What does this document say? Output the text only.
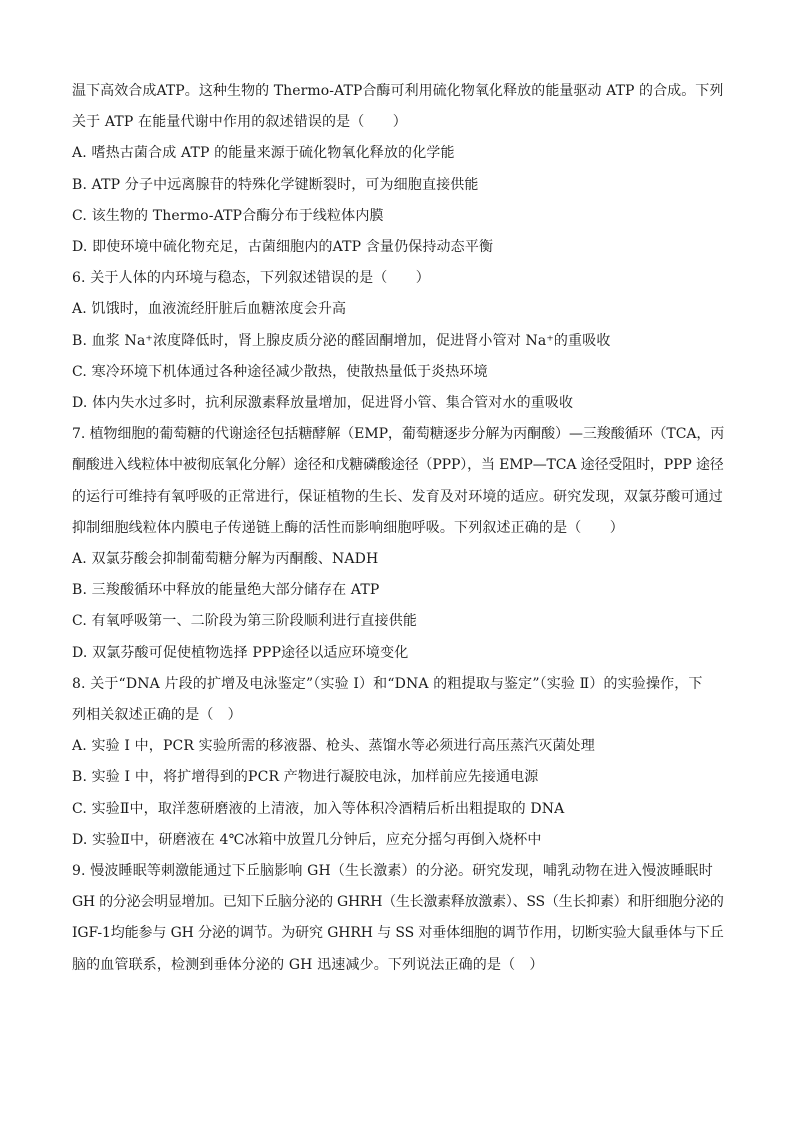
温下高效合成ATP。这种生物的 Thermo-ATP合酶可利用硫化物氧化释放的能量驱动 ATP 的合成。下列
关于 ATP 在能量代谢中作用的叙述错误的是（　　）
A. 嗜热古菌合成 ATP 的能量来源于硫化物氧化释放的化学能
B. ATP 分子中远离腺苷的特殊化学键断裂时，可为细胞直接供能
C. 该生物的 Thermo-ATP合酶分布于线粒体内膜
D. 即使环境中硫化物充足，古菌细胞内的ATP 含量仍保持动态平衡
6. 关于人体的内环境与稳态，下列叙述错误的是（　　）
A. 饥饿时，血液流经肝脏后血糖浓度会升高
B. 血浆 Na⁺浓度降低时，肾上腺皮质分泌的醛固酮增加，促进肾小管对 Na⁺的重吸收
C. 寒冷环境下机体通过各种途径减少散热，使散热量低于炎热环境
D. 体内失水过多时，抗利尿激素释放量增加，促进肾小管、集合管对水的重吸收
7. 植物细胞的葡萄糖的代谢途径包括糖酵解（EMP，葡萄糖逐步分解为丙酮酸）—三羧酸循环（TCA，丙
酮酸进入线粒体中被彻底氧化分解）途径和戊糖磷酸途径（PPP），当 EMP—TCA 途径受阻时，PPP 途径
的运行可维持有氧呼吸的正常进行，保证植物的生长、发育及对环境的适应。研究发现，双氯芬酸可通过
抑制细胞线粒体内膜电子传递链上酶的活性而影响细胞呼吸。下列叙述正确的是（　　）
A. 双氯芬酸会抑制葡萄糖分解为丙酮酸、NADH
B. 三羧酸循环中释放的能量绝大部分储存在 ATP
C. 有氧呼吸第一、二阶段为第三阶段顺利进行直接供能
D. 双氯芬酸可促使植物选择 PPP途径以适应环境变化
8. 关于“DNA 片段的扩增及电泳鉴定”（实验 I）和“DNA 的粗提取与鉴定”（实验 Ⅱ）的实验操作，下
列相关叙述正确的是（　）
A. 实验 I 中，PCR 实验所需的移液器、枪头、蒸馏水等必须进行高压蒸汽灭菌处理
B. 实验 I 中，将扩增得到的PCR 产物进行凝胶电泳，加样前应先接通电源
C. 实验Ⅱ中，取洋葱研磨液的上清液，加入等体积冷酒精后析出粗提取的 DNA
D. 实验Ⅱ中，研磨液在 4℃冰箱中放置几分钟后，应充分摇匀再倒入烧杯中
9. 慢波睡眠等刺激能通过下丘脑影响 GH（生长激素）的分泌。研究发现，哺乳动物在进入慢波睡眠时
GH 的分泌会明显增加。已知下丘脑分泌的 GHRH（生长激素释放激素）、SS（生长抑素）和肝细胞分泌的
IGF-1均能参与 GH 分泌的调节。为研究 GHRH 与 SS 对垂体细胞的调节作用，切断实验大鼠垂体与下丘
脑的血管联系，检测到垂体分泌的 GH 迅速减少。下列说法正确的是（　）
